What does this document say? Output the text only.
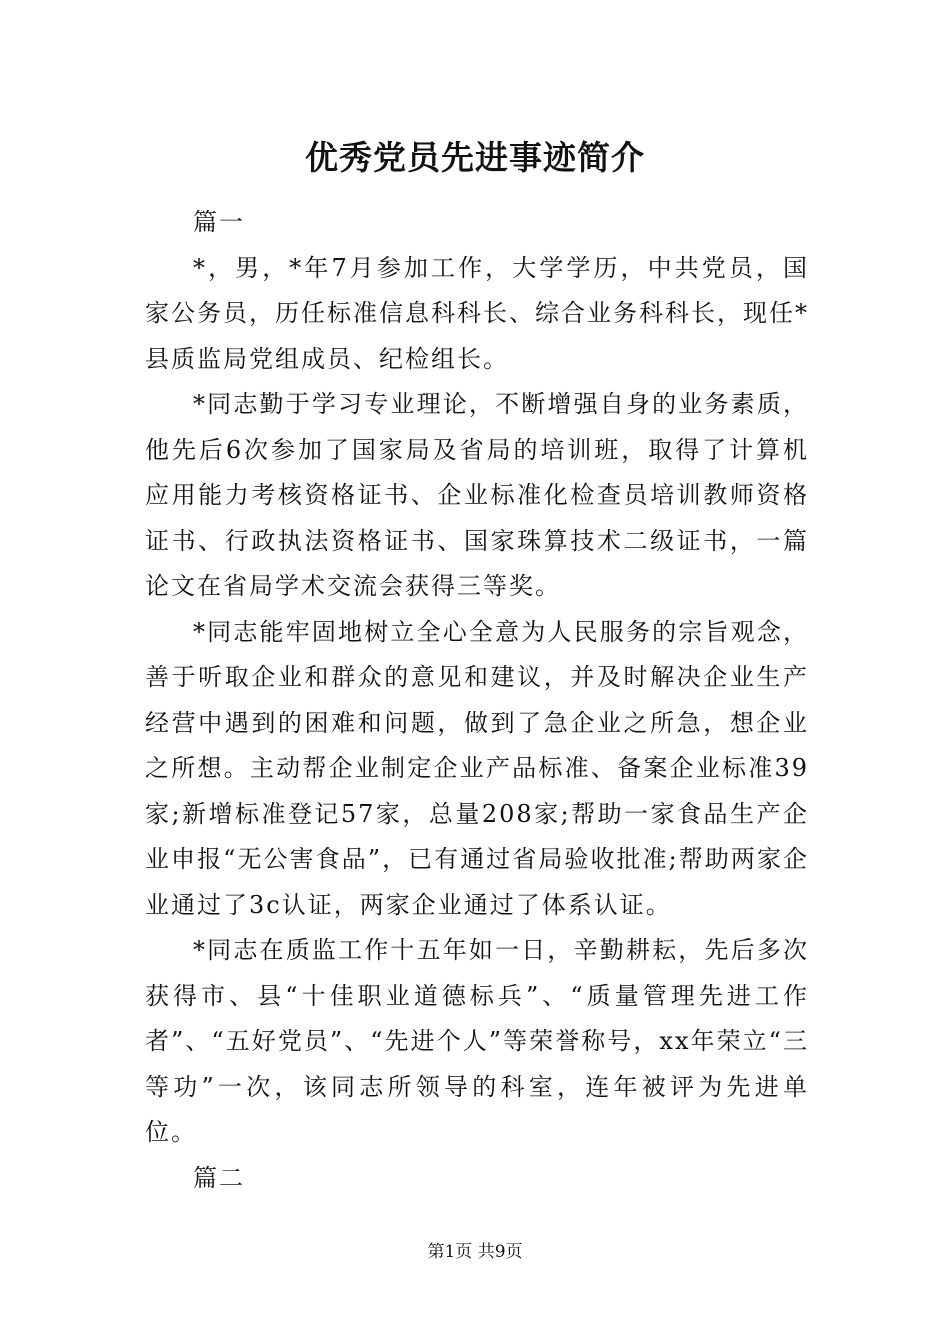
优秀党员先进事迹简介

篇一

*，男，*年7月参加工作，大学学历，中共党员，国家公务员，历任标准信息科科长、综合业务科科长，现任*县质监局党组成员、纪检组长。

*同志勤于学习专业理论，不断增强自身的业务素质，他先后6次参加了国家局及省局的培训班，取得了计算机应用能力考核资格证书、企业标准化检查员培训教师资格证书、行政执法资格证书、国家珠算技术二级证书，一篇论文在省局学术交流会获得三等奖。

*同志能牢固地树立全心全意为人民服务的宗旨观念，善于听取企业和群众的意见和建议，并及时解决企业生产经营中遇到的困难和问题，做到了急企业之所急，想企业之所想。主动帮企业制定企业产品标准、备案企业标准39家;新增标准登记57家，总量208家;帮助一家食品生产企业申报“无公害食品”，已有通过省局验收批准;帮助两家企业通过了3c认证，两家企业通过了体系认证。

*同志在质监工作十五年如一日，辛勤耕耘，先后多次获得市、县“十佳职业道德标兵”、“质量管理先进工作者”、“五好党员”、“先进个人”等荣誉称号，xx年荣立“三等功”一次，该同志所领导的科室，连年被评为先进单位。

篇二

第1页 共9页
